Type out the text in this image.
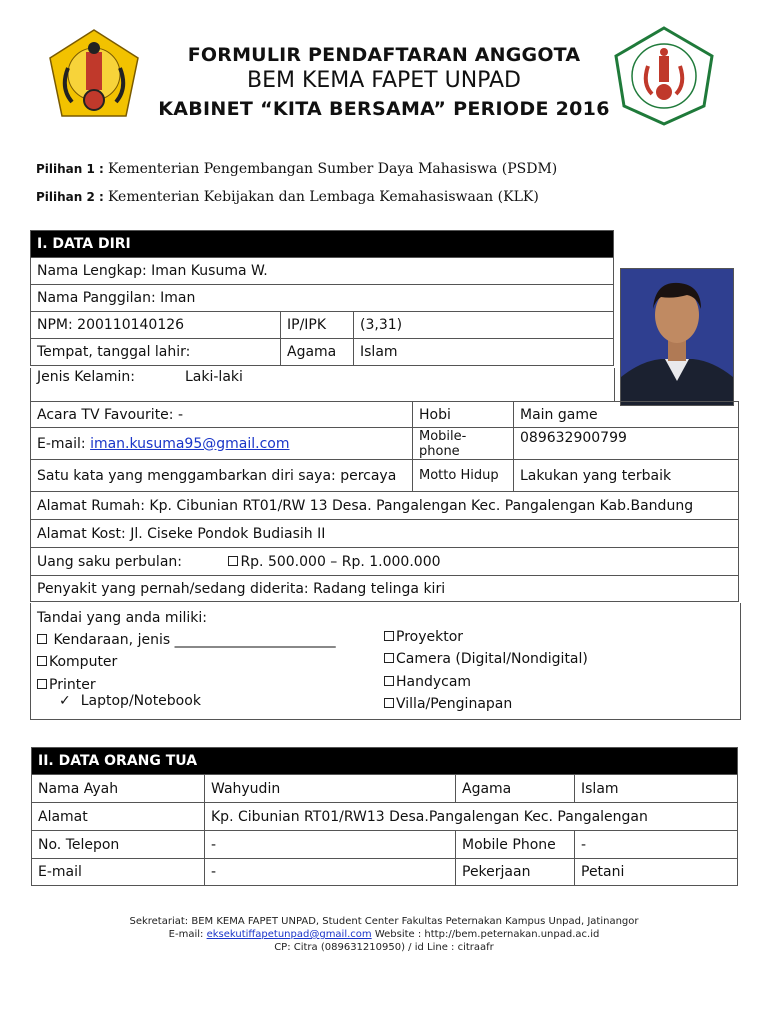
FORMULIR PENDAFTARAN ANGGOTA
BEM KEMA FAPET UNPAD
KABINET “KITA BERSAMA” PERIODE 2016
Pilihan 1 : Kementerian Pengembangan Sumber Daya Mahasiswa (PSDM)
Pilihan 2 : Kementerian Kebijakan dan Lembaga Kemahasiswaan (KLK)
I. DATA DIRI		
Nama Lengkap: Iman Kusuma W.		
Nama Panggilan: Iman		
NPM: 200110140126	IP/IPK	(3,31)
Tempat, tanggal lahir:	Agama	Islam
Jenis Kelamin:	Laki-laki
Acara TV Favourite: -	Hobi	Main game
E-mail: iman.kusuma95@gmail.com	Mobile-phone	089632900799
Satu kata yang menggambarkan diri saya: percaya	Motto Hidup	Lakukan yang terbaik
Alamat Rumah: Kp. Cibunian RT01/RW 13 Desa. Pangalengan Kec. Pangalengan Kab.Bandung		
Alamat Kost: Jl. Ciseke Pondok Budiasih II		
Uang saku perbulan: Rp. 500.000 – Rp. 1.000.000		
Penyakit yang pernah/sedang diderita: Radang telinga kiri		
Tandai yang anda miliki:
Kendaraan, jenis _______________________
Komputer
Printer
✓ Laptop/Notebook
Proyektor
Camera (Digital/Nondigital)
Handycam
Villa/Penginapan
II. DATA ORANG TUA			
Nama Ayah	Wahyudin	Agama	Islam
Alamat	Kp. Cibunian RT01/RW13 Desa.Pangalengan Kec. Pangalengan		
No. Telepon	-	Mobile Phone	-
E-mail	-	Pekerjaan	Petani
Sekretariat: BEM KEMA FAPET UNPAD, Student Center Fakultas Peternakan Kampus Unpad, Jatinangor
E-mail: eksekutiffapetunpad@gmail.com Website : http://bem.peternakan.unpad.ac.id
CP: Citra (089631210950) / id Line : citraafr
